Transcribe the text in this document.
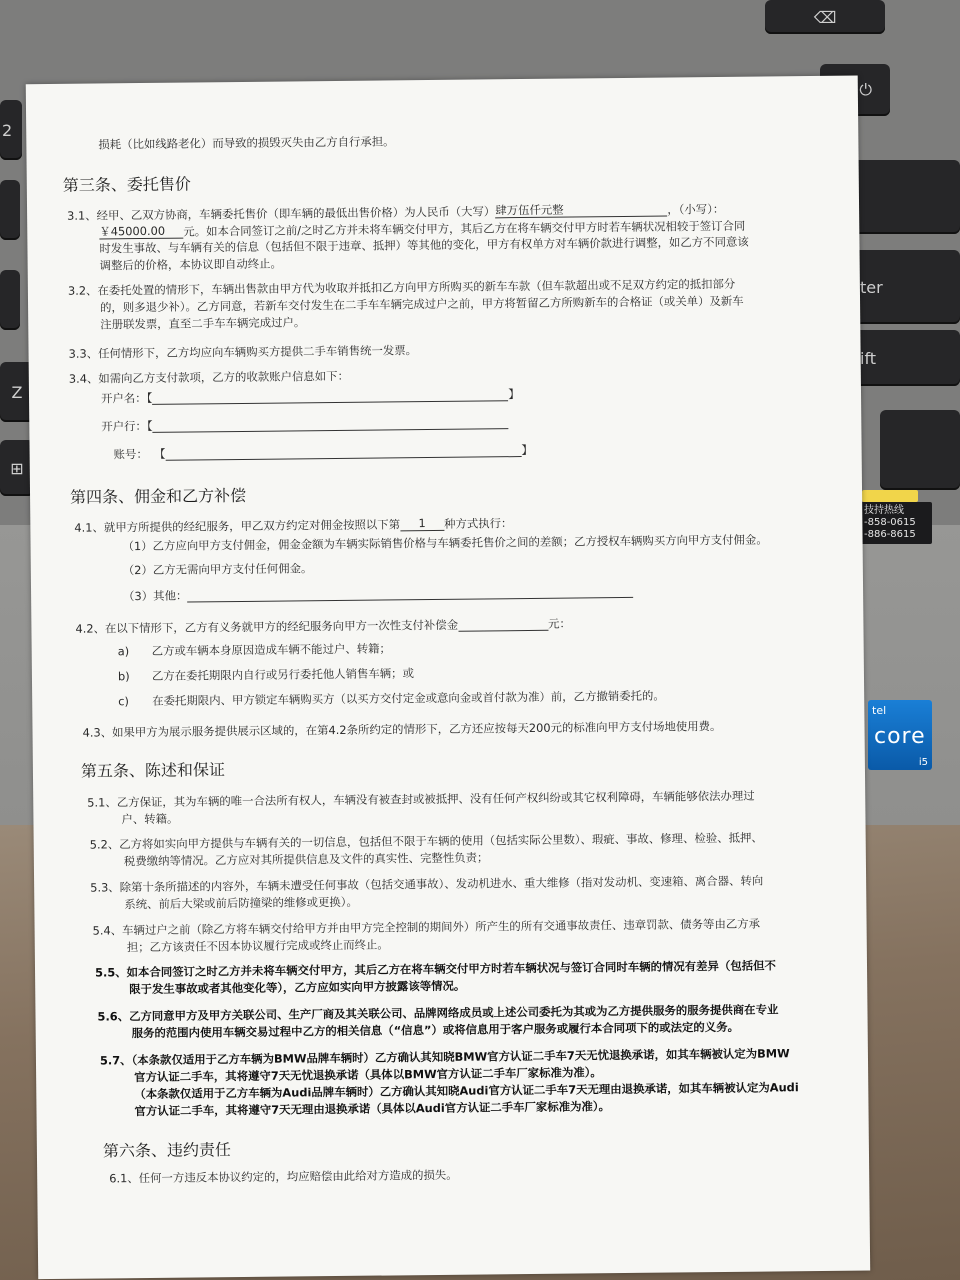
⌫
⏻
2
Z
⊞
ter
ift
技持热线
-858-0615
-886-8615
tel
core
i5
损耗（比如线路老化）而导致的损毁灭失由乙方自行承担。
第三条、委托售价
3.1、经甲、乙双方协商，车辆委托售价（即车辆的最低出售价格）为人民币（大写）肆万伍仟元整	，（小写）：
￥45000.00 元。如本合同签订之前/之时乙方并未将车辆交付甲方，其后乙方在将车辆交付甲方时若车辆状况相较于签订合同
时发生事故、与车辆有关的信息（包括但不限于违章、抵押）等其他的变化，甲方有权单方对车辆价款进行调整，如乙方不同意该
调整后的价格，本协议即自动终止。
3.2、在委托处置的情形下，车辆出售款由甲方代为收取并抵扣乙方向甲方所购买的新车车款（但车款超出或不足双方约定的抵扣部分
的，则多退少补）。乙方同意，若新车交付发生在二手车车辆完成过户之前，甲方将暂留乙方所购新车的合格证（或关单）及新车
注册联发票，直至二手车车辆完成过户。
3.3、任何情形下，乙方均应向车辆购买方提供二手车销售统一发票。
3.4、如需向乙方支付款项，乙方的收款账户信息如下：
开户名：【	】
开户行：【
账号： 【	】
第四条、佣金和乙方补偿
4.1、就甲方所提供的经纪服务，甲乙双方约定对佣金按照以下第 1 种方式执行：
（1）乙方应向甲方支付佣金，佣金金额为车辆实际销售价格与车辆委托售价之间的差额；乙方授权车辆购买方向甲方支付佣金。
（2）乙方无需向甲方支付任何佣金。
（3）其他：
4.2、在以下情形下，乙方有义务就甲方的经纪服务向甲方一次性支付补偿金	元：
a) 乙方或车辆本身原因造成车辆不能过户、转籍；
b) 乙方在委托期限内自行或另行委托他人销售车辆；或
c) 在委托期限内、甲方锁定车辆购买方（以买方交付定金或意向金或首付款为准）前，乙方撤销委托的。
4.3、如果甲方为展示服务提供展示区域的，在第4.2条所约定的情形下，乙方还应按每天200元的标准向甲方支付场地使用费。
第五条、陈述和保证
5.1、乙方保证，其为车辆的唯一合法所有权人，车辆没有被查封或被抵押、没有任何产权纠纷或其它权利障碍，车辆能够依法办理过
户、转籍。
5.2、乙方将如实向甲方提供与车辆有关的一切信息，包括但不限于车辆的使用（包括实际公里数）、瑕疵、事故、修理、检验、抵押、
税费缴纳等情况。乙方应对其所提供信息及文件的真实性、完整性负责；
5.3、除第十条所描述的内容外，车辆未遭受任何事故（包括交通事故）、发动机进水、重大维修（指对发动机、变速箱、离合器、转向
系统、前后大梁或前后防撞梁的维修或更换）。
5.4、车辆过户之前（除乙方将车辆交付给甲方并由甲方完全控制的期间外）所产生的所有交通事故责任、违章罚款、债务等由乙方承
担；乙方该责任不因本协议履行完成或终止而终止。
5.5、如本合同签订之时乙方并未将车辆交付甲方，其后乙方在将车辆交付甲方时若车辆状况与签订合同时车辆的情况有差异（包括但不
限于发生事故或者其他变化等），乙方应如实向甲方披露该等情况。
5.6、乙方同意甲方及甲方关联公司、生产厂商及其关联公司、品牌网络成员或上述公司委托为其或为乙方提供服务的服务提供商在专业
服务的范围内使用车辆交易过程中乙方的相关信息（“信息”）或将信息用于客户服务或履行本合同项下的或法定的义务。
5.7、（本条款仅适用于乙方车辆为BMW品牌车辆时）乙方确认其知晓BMW官方认证二手车7天无忧退换承诺，如其车辆被认定为BMW
官方认证二手车，其将遵守7天无忧退换承诺（具体以BMW官方认证二手车厂家标准为准）。
（本条款仅适用于乙方车辆为Audi品牌车辆时）乙方确认其知晓Audi官方认证二手车7天无理由退换承诺，如其车辆被认定为Audi
官方认证二手车，其将遵守7天无理由退换承诺（具体以Audi官方认证二手车厂家标准为准）。
第六条、违约责任
6.1、任何一方违反本协议约定的，均应赔偿由此给对方造成的损失。
